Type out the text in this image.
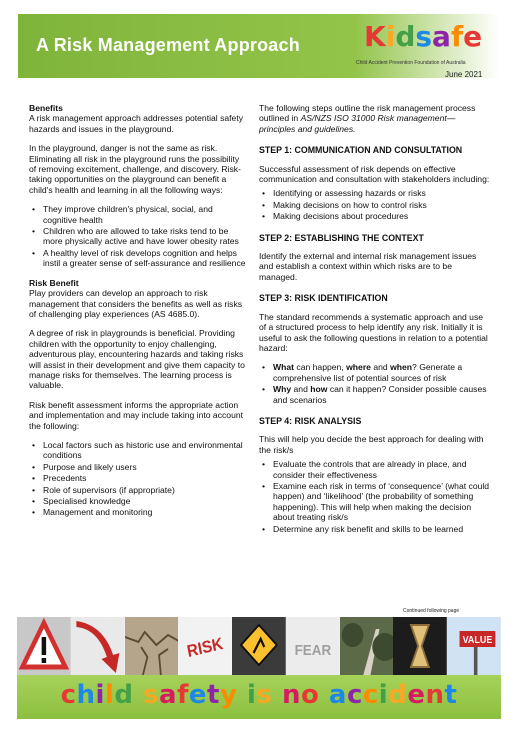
A Risk Management Approach Kidsafe
Child Accident Prevention Foundation of Australia
June 2021

Benefits

A risk management approach addresses potential safety hazards and issues in the playground.

In the playground, danger is not the same as risk. Eliminating all risk in the playground runs the possibility of removing excitement, challenge, and discovery. Risk-taking opportunities on the playground can benefit a child's health and learning in all the following ways:

• They improve children's physical, social, and cognitive health
• Children who are allowed to take risks tend to be more physically active and have lower obesity rates
• A healthy level of risk develops cognition and helps instil a greater sense of self-assurance and resilience

Risk Benefit

Play providers can develop an approach to risk management that considers the benefits as well as risks of challenging play experiences (AS 4685.0).

A degree of risk in playgrounds is beneficial. Providing children with the opportunity to enjoy challenging, adventurous play, encountering hazards and taking risks will assist in their development and give them capacity to manage risks for themselves. The learning process is valuable.

Risk benefit assessment informs the appropriate action and implementation and may include taking into account the following:

• Local factors such as historic use and environmental conditions
• Purpose and likely users
• Precedents
• Role of supervisors (if appropriate)
• Specialised knowledge
• Management and monitoring

The following steps outline the risk management process outlined in AS/NZS ISO 31000 Risk management—principles and guidelines.

STEP 1: COMMUNICATION AND CONSULTATION

Successful assessment of risk depends on effective communication and consultation with stakeholders including:

• Identifying or assessing hazards or risks
• Making decisions on how to control risks
• Making decisions about procedures

STEP 2: ESTABLISHING THE CONTEXT

Identify the external and internal risk management issues and establish a context within which risks are to be managed.

STEP 3: RISK IDENTIFICATION

The standard recommends a systematic approach and use of a structured process to help identify any risk. Initially it is useful to ask the following questions in relation to a potential hazard:

• What can happen, where and when? Generate a comprehensive list of potential sources of risk
• Why and how can it happen? Consider possible causes and scenarios

STEP 4: RISK ANALYSIS

This will help you decide the best approach for dealing with the risk/s

• Evaluate the controls that are already in place, and consider their effectiveness
• Examine each risk in terms of ‘consequence’ (what could happen) and ‘likelihood’ (the probability of something happening). This will help when making the decision about treating risk/s
• Determine any risk benefit and skills to be learned
Continued following page
RISK	FEAR
VALUE
child safety is no accident
